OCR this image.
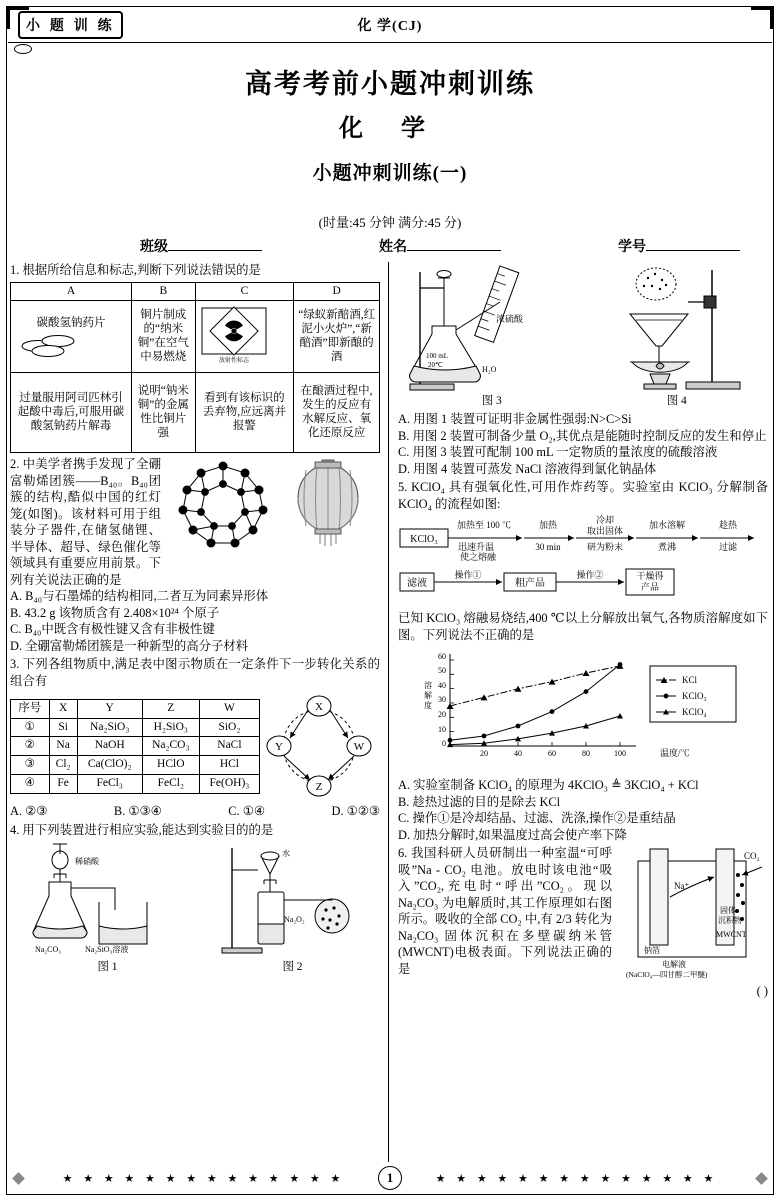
小 题 训 练	化 学(CJ)
高考考前小题冲刺训练
化 学
小题冲刺训练(一)
(时量:45 分钟 满分:45 分)
班级	姓名	学号
1. 根据所给信息和标志,判断下列说法错误的是
A	B	C	D

碳酸氢钠药片	铜片制成的“纳米铜”在空气中易燃烧	放射性标志	“绿蚁新醅酒,红泥小火炉”,“新醅酒”即新酿的酒
过量服用阿司匹林引起酸中毒后,可服用碳酸氢钠药片解毒	说明“钠米铜”的金属性比铜片强	看到有该标识的丢弃物,应远离并报警	在酿酒过程中,发生的反应有水解反应、氧化还原反应
2. 中美学者携手发现了全硼富勒烯团簇——B₄₀。B₄₀团簇的结构,酷似中国的红灯笼(如图)。该材料可用于组装分子器件,在储氢储锂、半导体、超导、绿色催化等领域具有重要应用前景。下列有关说法正确的是
A. B₄₀与石墨烯的结构相同,二者互为同素异形体
B. 43.2 g 该物质含有 2.408×10²⁴ 个原子
C. B₄₀中既含有极性键又含有非极性键
D. 全硼富勒烯团簇是一种新型的高分子材料
3. 下列各组物质中,满足表中图示物质在一定条件下一步转化关系的组合有
序号	X	Y	Z	W
①	Si	Na₂SiO₃	H₂SiO₃	SiO₂
②	Na	NaOH	Na₂CO₃	NaCl
③	Cl₂	Ca(ClO)₂	HClO	HCl
④	Fe	FeCl₃	FeCl₂	Fe(OH)₃
X
Y	W
Z
A. ②③	B. ①③④	C. ①④	D. ①②③
4. 用下列装置进行相应实验,能达到实验目的的是
稀硝酸
Na₂CO₃	Na₂SiO₃溶液
图 1
水
Na₂O₂
图 2
100 mL
20℃	H₂O
浓硫酸
图 3	图 4
A. 用图 1 装置可证明非金属性强弱:N>C>Si
B. 用图 2 装置可制备少量 O₂,其优点是能随时控制反应的发生和停止
C. 用图 3 装置可配制 100 mL 一定物质的量浓度的硫酸溶液
D. 用图 4 装置可蒸发 NaCl 溶液得到氯化钠晶体
5. KClO₄ 具有强氧化性,可用作炸药等。实验室由 KClO₃ 分解制备 KClO₄ 的流程如图:
KClO₃
加热至 100 ℃
迅速升温
使之熔融
加热
30 min
冷却
取出固体
研为粉末
加水溶解
煮沸
趁热
过滤
滤液
操作①
粗产品
操作②	干燥得
产品
已知 KClO₃ 熔融易烧结,400 ℃以上分解放出氧气,各物质溶解度如下图。下列说法不正确的是
0
10
20
30
40
50
60
20	40	60	80	100	温度/℃
溶
解
度
KCl
KClO₃
KClO₄
A. 实验室制备 KClO₄ 的原理为 4KClO₃ ≜ 3KClO₄ + KCl
B. 趁热过滤的目的是除去 KCl
C. 操作①是冷却结晶、过滤、洗涤,操作②是重结晶
D. 加热分解时,如果温度过高会使产率下降
Na⁺
CO₂
固体
沉积物
MWCNT
钠箔
电解液
(NaClO₄—四甘醇二甲醚)
6. 我国科研人员研制出一种室温“可呼吸”Na - CO₂ 电池。放电时该电池“吸入”CO₂,充电时“呼出”CO₂。现以 Na₂CO₃ 为电解质时,其工作原理如右图所示。吸收的全部 CO₂ 中,有 2/3 转化为 Na₂CO₃ 固体沉积在多壁碳纳米管(MWCNT)电极表面。下列说法正确的是
( )
★ ★ ★ ★ ★ ★ ★ ★ ★ ★ ★ ★ ★ ★	1	★ ★ ★ ★ ★ ★ ★ ★ ★ ★ ★ ★ ★ ★
